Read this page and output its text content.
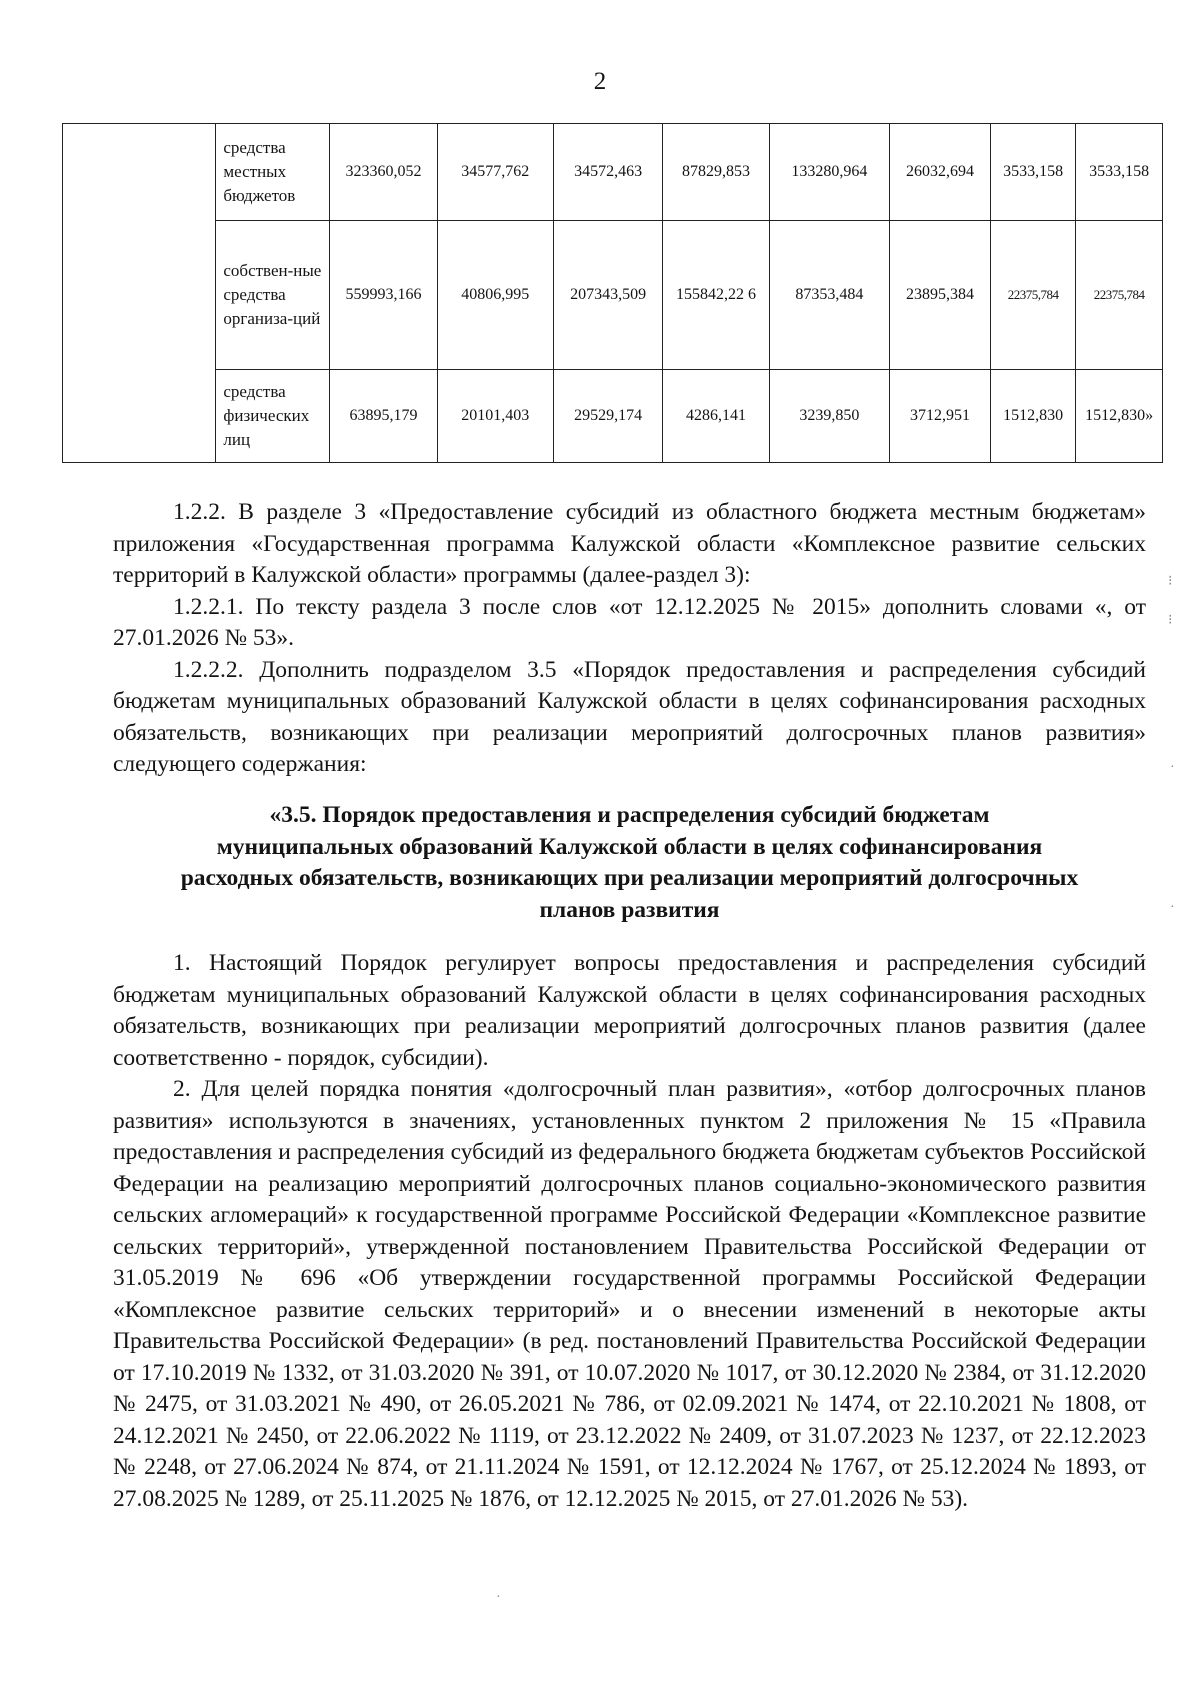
2
	средства местных бюджетов	323360,052	34577,762	34572,463	87829,853	133280,964	26032,694	3533,158	3533,158
	собствен-ные средства организа-ций	559993,166	40806,995	207343,509	155842,22 6	87353,484	23895,384	22375,784	22375,784
	средства физических лиц	63895,179	20101,403	29529,174	4286,141	3239,850	3712,951	1512,830	1512,830»

1.2.2. В разделе 3 «Предоставление субсидий из областного бюджета местным бюджетам» приложения «Государственная программа Калужской области «Комплексное развитие сельских территорий в Калужской области» программы (далее-раздел 3):

1.2.2.1. По тексту раздела 3 после слов «от 12.12.2025 № 2015» дополнить словами «, от 27.01.2026 № 53».

1.2.2.2. Дополнить подразделом 3.5 «Порядок предоставления и распределения субсидий бюджетам муниципальных образований Калужской области в целях софинансирования расходных обязательств, возникающих при реализации мероприятий долгосрочных планов развития» следующего содержания:

«3.5. Порядок предоставления и распределения субсидий бюджетам
муниципальных образований Калужской области в целях софинансирования
расходных обязательств, возникающих при реализации мероприятий долгосрочных
планов развития

1. Настоящий Порядок регулирует вопросы предоставления и распределения субсидий бюджетам муниципальных образований Калужской области в целях софинансирования расходных обязательств, возникающих при реализации мероприятий долгосрочных планов развития (далее соответственно - порядок, субсидии).

2. Для целей порядка понятия «долгосрочный план развития», «отбор долгосрочных планов развития» используются в значениях, установленных пунктом 2 приложения № 15 «Правила предоставления и распределения субсидий из федерального бюджета бюджетам субъектов Российской Федерации на реализацию мероприятий долгосрочных планов социально-экономического развития сельских агломераций» к государственной программе Российской Федерации «Комплексное развитие сельских территорий», утвержденной постановлением Правительства Российской Федерации от 31.05.2019 № 696 «Об утверждении государственной программы Российской Федерации «Комплексное развитие сельских территорий» и о внесении изменений в некоторые акты Правительства Российской Федерации» (в ред. постановлений Правительства Российской Федерации от 17.10.2019 № 1332, от 31.03.2020 № 391, от 10.07.2020 № 1017, от 30.12.2020 № 2384, от 31.12.2020 № 2475, от 31.03.2021 № 490, от 26.05.2021 № 786, от 02.09.2021 № 1474, от 22.10.2021 № 1808, от 24.12.2021 № 2450, от 22.06.2022 № 1119, от 23.12.2022 № 2409, от 31.07.2023 № 1237, от 22.12.2023 № 2248, от 27.06.2024 № 874, от 21.11.2024 № 1591, от 12.12.2024 № 1767, от 25.12.2024 № 1893, от 27.08.2025 № 1289, от 25.11.2025 № 1876, от 12.12.2025 № 2015, от 27.01.2026 № 53).

⁝
⁝
·
·
·
